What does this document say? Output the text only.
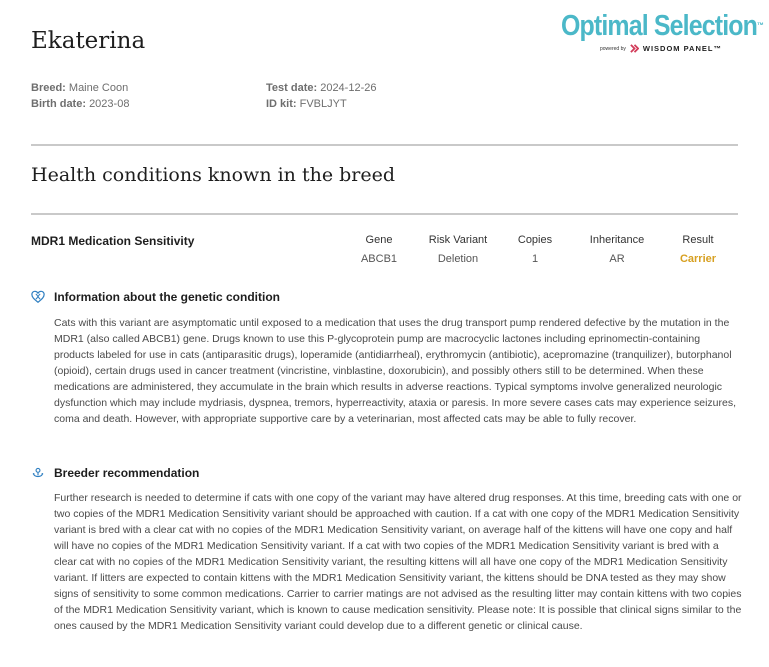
Ekaterina	Optimal Selection™
powered by WISDOM PANEL™
Breed: Maine Coon
Birth date: 2023-08
Test date: 2024-12-26
ID kit: FVBLJYT
Health conditions known in the breed
MDR1 Medication Sensitivity	Gene
ABCB1
Risk Variant
Deletion
Copies
1
Inheritance
AR
Result
Carrier
Information about the genetic condition

Cats with this variant are asymptomatic until exposed to a medication that uses the drug transport pump rendered defective by the mutation in the MDR1 (also called ABCB1) gene. Drugs known to use this P-glycoprotein pump are macrocyclic lactones including eprinomectin-containing products labeled for use in cats (antiparasitic drugs), loperamide (antidiarrheal), erythromycin (antibiotic), acepromazine (tranquilizer), butorphanol (opioid), certain drugs used in cancer treatment (vincristine, vinblastine, doxorubicin), and possibly others still to be determined. When these medications are administered, they accumulate in the brain which results in adverse reactions. Typical symptoms involve generalized neurologic dysfunction which may include mydriasis, dyspnea, tremors, hyperreactivity, ataxia or paresis. In more severe cases cats may experience seizures, coma and death. However, with appropriate supportive care by a veterinarian, most affected cats may be able to fully recover.

Breeder recommendation

Further research is needed to determine if cats with one copy of the variant may have altered drug responses. At this time, breeding cats with one or two copies of the MDR1 Medication Sensitivity variant should be approached with caution. If a cat with one copy of the MDR1 Medication Sensitivity variant is bred with a clear cat with no copies of the MDR1 Medication Sensitivity variant, on average half of the kittens will have one copy and half will have no copies of the MDR1 Medication Sensitivity variant. If a cat with two copies of the MDR1 Medication Sensitivity variant is bred with a clear cat with no copies of the MDR1 Medication Sensitivity variant, the resulting kittens will all have one copy of the MDR1 Medication Sensitivity variant. If litters are expected to contain kittens with the MDR1 Medication Sensitivity variant, the kittens should be DNA tested as they may show signs of sensitivity to some common medications. Carrier to carrier matings are not advised as the resulting litter may contain kittens with two copies of the MDR1 Medication Sensitivity variant, which is known to cause medication sensitivity. Please note: It is possible that clinical signs similar to the ones caused by the MDR1 Medication Sensitivity variant could develop due to a different genetic or clinical cause.
